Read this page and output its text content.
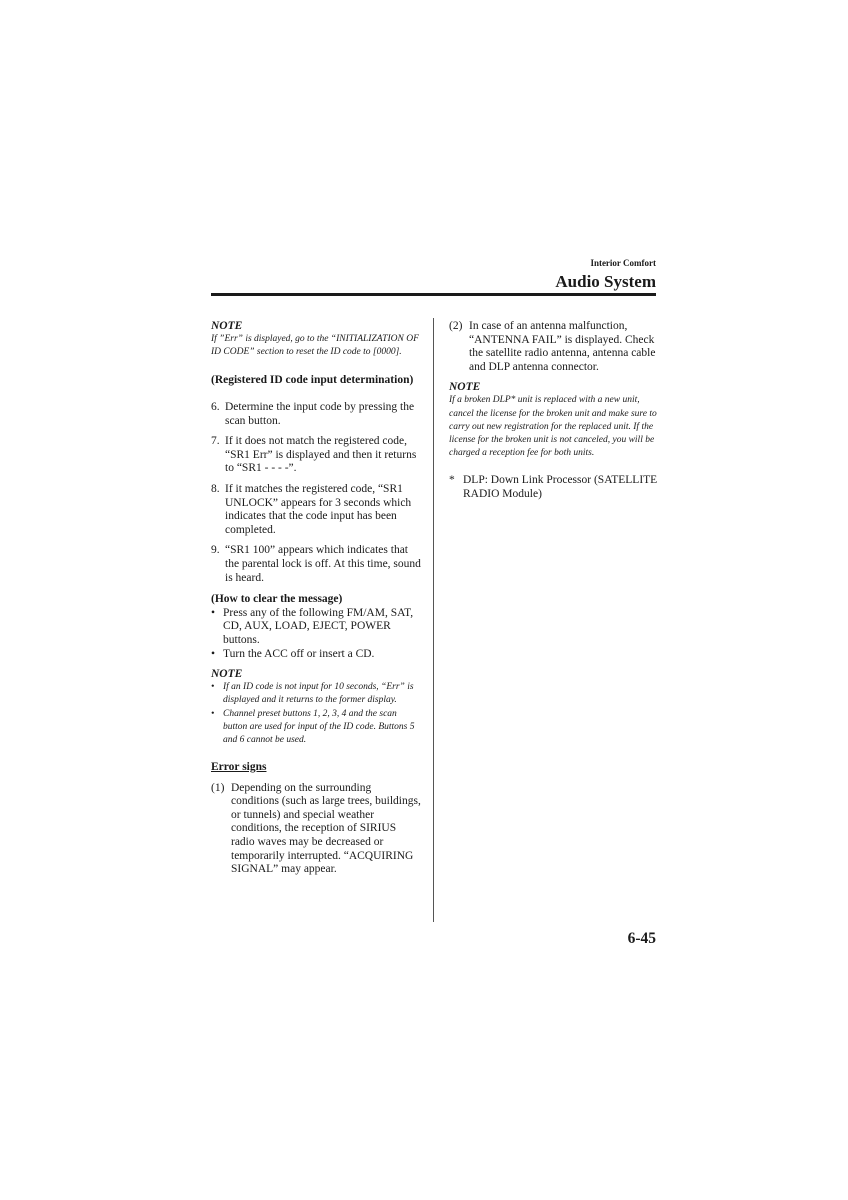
Interior Comfort
Audio System
NOTE
If ”Err” is displayed, go to the “INITIALIZATION OF ID CODE” section to reset the ID code to [0000].
(Registered ID code input determination)
6. Determine the input code by pressing the scan button.
7. If it does not match the registered code, “SR1 Err” is displayed and then it returns to “SR1 - - - -”.
8. If it matches the registered code, “SR1 UNLOCK” appears for 3 seconds which indicates that the code input has been completed.
9. “SR1 100” appears which indicates that the parental lock is off. At this time, sound is heard.
(How to clear the message)
• Press any of the following FM/AM, SAT, CD, AUX, LOAD, EJECT, POWER buttons.
• Turn the ACC off or insert a CD.
NOTE
• If an ID code is not input for 10 seconds, “Err” is displayed and it returns to the former display.
• Channel preset buttons 1, 2, 3, 4 and the scan button are used for input of the ID code. Buttons 5 and 6 cannot be used.
Error signs
(1) Depending on the surrounding conditions (such as large trees, buildings, or tunnels) and special weather conditions, the reception of SIRIUS radio waves may be decreased or temporarily interrupted. “ACQUIRING SIGNAL” may appear.
(2) In case of an antenna malfunction, “ANTENNA FAIL” is displayed. Check the satellite radio antenna, antenna cable and DLP antenna connector.
NOTE
If a broken DLP* unit is replaced with a new unit, cancel the license for the broken unit and make sure to carry out new registration for the replaced unit. If the license for the broken unit is not canceled, you will be charged a reception fee for both units.
* DLP: Down Link Processor (SATELLITE RADIO Module)
6-45
